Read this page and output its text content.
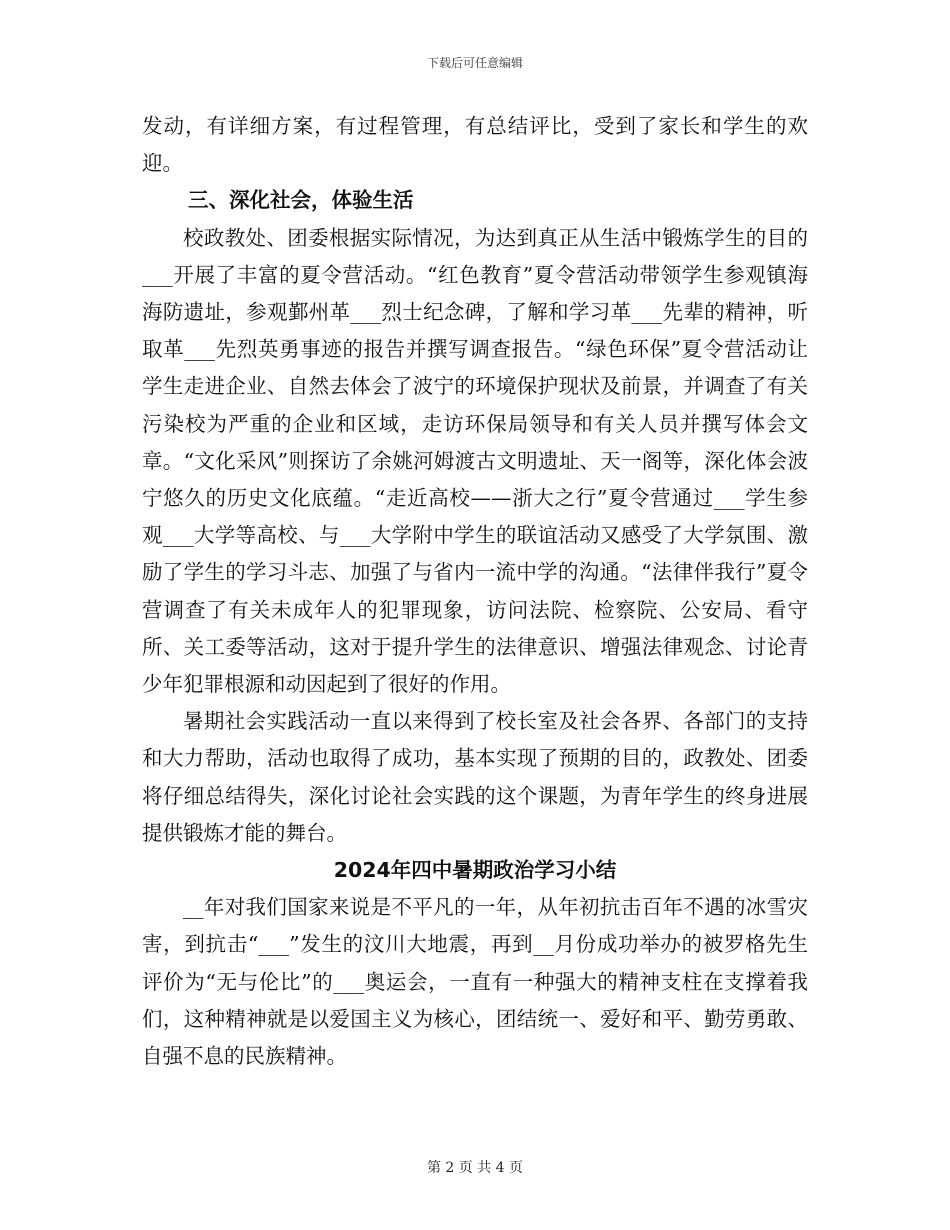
下载后可任意编辑

发动，有详细方案，有过程管理，有总结评比，受到了家长和学生的欢迎。

三、深化社会，体验生活

校政教处、团委根据实际情况，为达到真正从生活中锻炼学生的目的___开展了丰富的夏令营活动。“红色教育”夏令营活动带领学生参观镇海海防遗址，参观鄞州革___烈士纪念碑，了解和学习革___先辈的精神，听取革___先烈英勇事迹的报告并撰写调查报告。“绿色环保”夏令营活动让学生走进企业、自然去体会了波宁的环境保护现状及前景，并调查了有关污染校为严重的企业和区域，走访环保局领导和有关人员并撰写体会文章。“文化采风”则探访了余姚河姆渡古文明遗址、天一阁等，深化体会波宁悠久的历史文化底蕴。“走近高校——浙大之行”夏令营通过___学生参观___大学等高校、与___大学附中学生的联谊活动又感受了大学氛围、激励了学生的学习斗志、加强了与省内一流中学的沟通。“法律伴我行”夏令营调查了有关未成年人的犯罪现象，访问法院、检察院、公安局、看守所、关工委等活动，这对于提升学生的法律意识、增强法律观念、讨论青少年犯罪根源和动因起到了很好的作用。

暑期社会实践活动一直以来得到了校长室及社会各界、各部门的支持和大力帮助，活动也取得了成功，基本实现了预期的目的，政教处、团委将仔细总结得失，深化讨论社会实践的这个课题，为青年学生的终身进展提供锻炼才能的舞台。

2024年四中暑期政治学习小结

__年对我们国家来说是不平凡的一年，从年初抗击百年不遇的冰雪灾害，到抗击“___”发生的汶川大地震，再到__月份成功举办的被罗格先生评价为“无与伦比”的___奥运会，一直有一种强大的精神支柱在支撑着我们，这种精神就是以爱国主义为核心，团结统一、爱好和平、勤劳勇敢、自强不息的民族精神。

第 2 页 共 4 页
